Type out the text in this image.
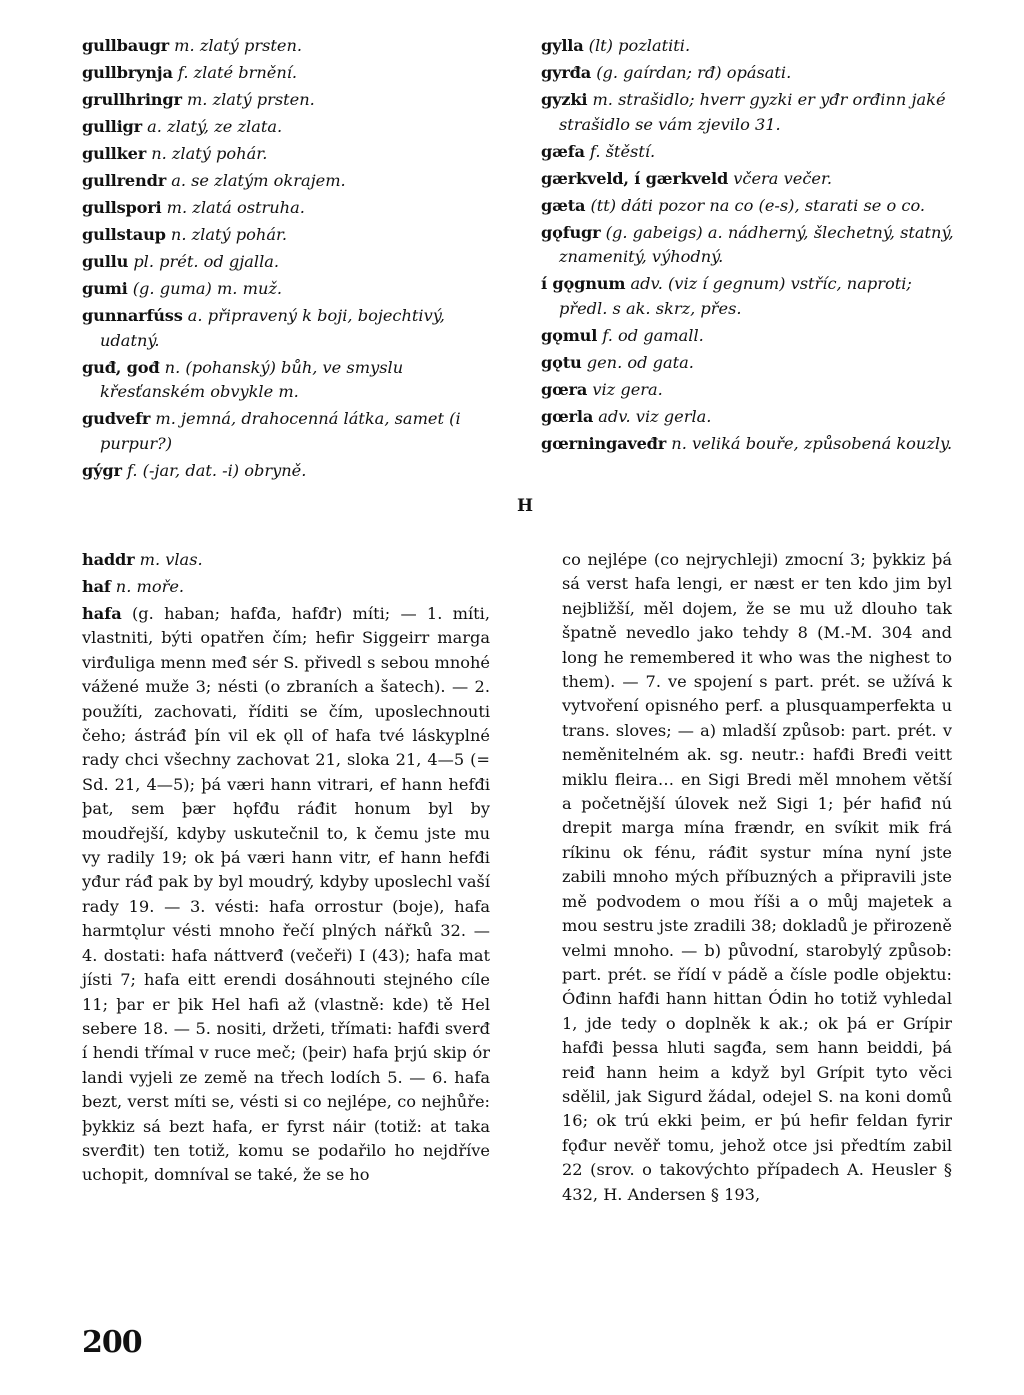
gullbaugr m. zlatý prsten.
gullbrynja f. zlaté brnění.
grullhringr m. zlatý prsten.
gulligr a. zlatý, ze zlata.
gullker n. zlatý pohár.
gullrendr a. se zlatým okrajem.
gullspori m. zlatá ostruha.
gullstaup n. zlatý pohár.
gullu pl. prét. od gjalla.
gumi (g. guma) m. muž.
gunnarfúss a. připravený k boji, bojechtivý, udatný.
guđ, gođ n. (pohanský) bůh, ve smyslu křesťanském obvykle m.
gudvefr m. jemná, drahocenná látka, samet (i purpur?)
gýgr f. (-jar, dat. -i) obryně.
gylla (lt) pozlatiti.
gyrđa (g. gaírdan; rđ) opásati.
gyzki m. strašidlo; hverr gyzki er yđr orđinn jaké strašidlo se vám zjevilo 31.
gæfa f. štěstí.
gærkveld, í gærkveld včera večer.
gæta (tt) dáti pozor na co (e-s), starati se o co.
gǫfugr (g. gabeigs) a. nádherný, šlechetný, statný, znamenitý, výhodný.
í gǫgnum adv. (viz í gegnum) vstříc, naproti; předl. s ak. skrz, přes.
gǫmul f. od gamall.
gǫtu gen. od gata.
gœra viz gera.
gœrla adv. viz gerla.
gœrningaveđr n. veliká bouře, způsobená kouzly.
H
haddr m. vlas.
haf n. moře.

hafa (g. haban; hafđa, hafđr) míti; — 1. míti, vlastniti, býti opatřen čím; hefir Siggeirr marga virđuliga menn međ sér S. přivedl s sebou mnohé vážené muže 3; nésti (o zbraních a šatech). — 2. použíti, zachovati, říditi se čím, uposlechnouti čeho; ástráđ þín vil ek ǫll of hafa tvé láskyplné rady chci všechny zachovat 21, sloka 21, 4—5 (= Sd. 21, 4—5); þá væri hann vitrari, ef hann hefđi þat, sem þær hǫfđu ráđit honum byl by moudřejší, kdyby uskutečnil to, k čemu jste mu vy radily 19; ok þá væri hann vitr, ef hann hefđi yđur ráđ pak by byl moudrý, kdyby uposlechl vaší rady 19. — 3. vésti: hafa orrostur (boje), hafa harmtǫlur vésti mnoho řečí plných nářků 32. — 4. dostati: hafa náttverđ (večeři) I (43); hafa mat jísti 7; hafa eitt erendi dosáhnouti stejného cíle 11; þar er þik Hel hafi až (vlastně: kde) tě Hel sebere 18. — 5. nositi, držeti, třímati: hafđi sverđ í hendi třímal v ruce meč; (þeir) hafa þrjú skip ór landi vyjeli ze země na třech lodích 5. — 6. hafa bezt, verst míti se, vésti si co nejlépe, co nejhůře: þykkiz sá bezt hafa, er fyrst náir (totiž: at taka sverđit) ten totiž, komu se podařilo ho nejdříve uchopit, domníval se také, že se ho

co nejlépe (co nejrychleji) zmocní 3; þykkiz þá sá verst hafa lengi, er næst er ten kdo jim byl nejbližší, měl dojem, že se mu už dlouho tak špatně nevedlo jako tehdy 8 (M.-M. 304 and long he remembered it who was the nighest to them). — 7. ve spojení s part. prét. se užívá k vytvoření opisného perf. a plusquamperfekta u trans. sloves; — a) mladší způsob: part. prét. v neměnitelném ak. sg. neutr.: hafđi Bređi veitt miklu fleira… en Sigi Bredi měl mnohem větší a početnější úlovek než Sigi 1; þér hafiđ nú drepit marga mína frændr, en svíkit mik frá ríkinu ok fénu, ráđit systur mína nyní jste zabili mnoho mých příbuzných a připravili jste mě podvodem o mou říši a o můj majetek a mou sestru jste zradili 38; dokladů je přirozeně velmi mnoho. — b) původní, starobylý způsob: part. prét. se řídí v pádě a čísle podle objektu: Óđinn hafđi hann hittan Ódin ho totiž vyhledal 1, jde tedy o doplněk k ak.; ok þá er Grípir hafđi þessa hluti sagđa, sem hann beiddi, þá reiđ hann heim a když byl Grípit tyto věci sdělil, jak Sigurd žádal, odejel S. na koni domů 16; ok trú ekki þeim, er þú hefir feldan fyrir fǫđur nevěř tomu, jehož otce jsi předtím zabil 22 (srov. o takovýchto případech A. Heusler § 432, H. Andersen § 193,

200
